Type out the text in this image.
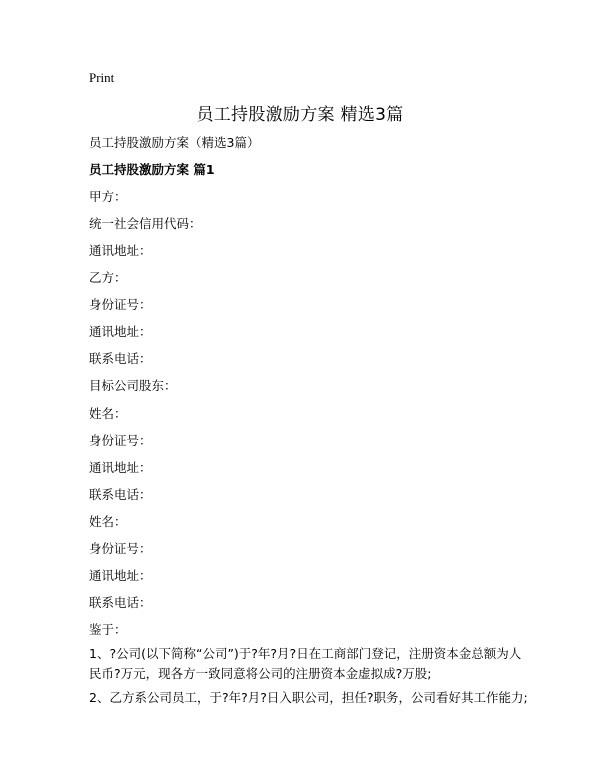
Print
员工持股激励方案 精选3篇
员工持股激励方案（精选3篇）
员工持股激励方案 篇1
甲方：
统一社会信用代码：
通讯地址：
乙方：
身份证号：
通讯地址：
联系电话：
目标公司股东：
姓名：
身份证号：
通讯地址：
联系电话：
姓名：
身份证号：
通讯地址：
联系电话：
鉴于：
1、?公司(以下简称“公司”)于?年?月?日在工商部门登记，注册资本金总额为人民币?万元，现各方一致同意将公司的注册资本金虚拟成?万股;
2、乙方系公司员工，于?年?月?日入职公司，担任?职务，公司看好其工作能力;
